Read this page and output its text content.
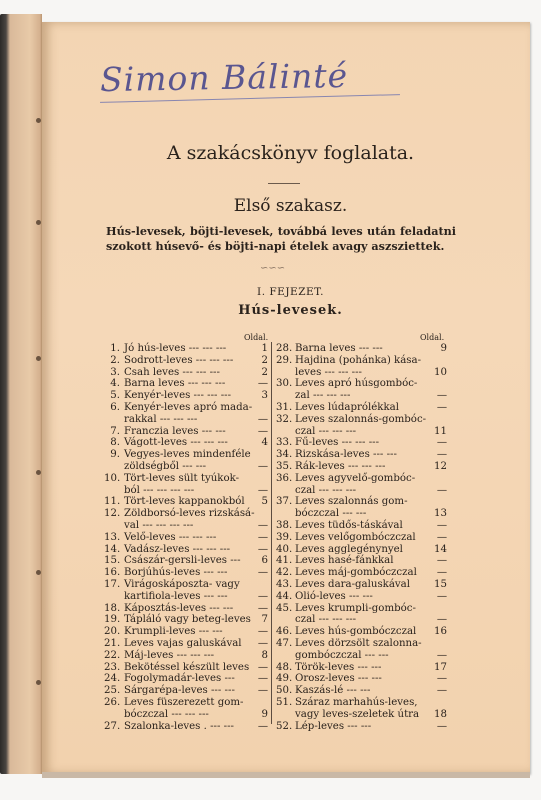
Simon Bálinté
A szakácskönyv foglalata.
Első szakasz.
Hús-levesek, böjti-levesek, továbbá leves után feladatni szokott húsevő- és böjti-napi ételek avagy aszsziettek.
∽∽∽
I. FEJEZET.
Hús-levesek.
Oldal.	Oldal.
1. Jó hús-leves --- --- ---	1
2. Sodrott-leves --- --- ---	2
3. Csah leves --- --- ---	2
4. Barna leves --- --- ---	—
5. Kenyér-leves --- --- ---	3
6. Kenyér-leves apró mada-
rakkal --- --- ---	—
7. Franczia leves --- ---	—
8. Vágott-leves --- --- ---	4
9. Vegyes-leves mindenféle
zöldségből --- ---	—
10. Tört-leves sült tyúkok-
ból --- --- --- ---	—
11. Tört-leves kappanokból 5
12. Zöldborsó-leves rizskásá-
val --- --- --- ---	—
13. Velő-leves --- --- ---	—
14. Vadász-leves --- --- ---	—
15. Császár-gersli-leves --- 6
16. Borjúhús-leves --- ---	—
17. Virágoskáposzta- vagy
kartifiola-leves --- ---	—
18. Káposztás-leves --- --- —
19. Tápláló vagy beteg-leves 7
20. Krumpli-leves --- ---	—
21. Leves vajas galuskával —
22. Máj-leves --- --- ---	8
23. Bekötéssel készült leves —
24. Fogolymadár-leves --- —
25. Sárgarépa-leves --- --- —
26. Leves füszerezett gom-
bóczczal --- --- ---	9
27. Szalonka-leves . --- --- —
28. Barna leves --- ---	9
29. Hajdina (pohánka) kása-
leves --- --- ---	10
30. Leves apró húsgombóc-
zal --- --- ---	—
31. Leves lúdaprólékkal	—
32. Leves szalonnás-gombóc-
czal --- --- ---	11
33. Fű-leves --- --- ---	—
34. Rizskása-leves --- ---	—
35. Rák-leves --- --- ---	12
36. Leves agyvelő-gombóc-
czal --- --- ---	—
37. Leves szalonnás gom-
bóczczal --- ---	13
38. Leves tüdős-táskával	—
39. Leves velőgombóczczal —
40. Leves agglegénynyel	14
41. Leves hasé-fánkkal	—
42. Leves máj-gombóczczal —
43. Leves dara-galuskával 15
44. Olió-leves --- ---	—
45. Leves krumpli-gombóc-
czal --- --- ---	—
46. Leves hús-gombóczczal 16
47. Leves dörzsölt szalonna-
gombóczczal --- ---	—
48. Török-leves --- ---	17
49. Orosz-leves --- ---	—
50. Kaszás-lé --- ---	—
51. Száraz marhahús-leves,
vagy leves-szeletek útra 18
52. Lép-leves --- ---	—
